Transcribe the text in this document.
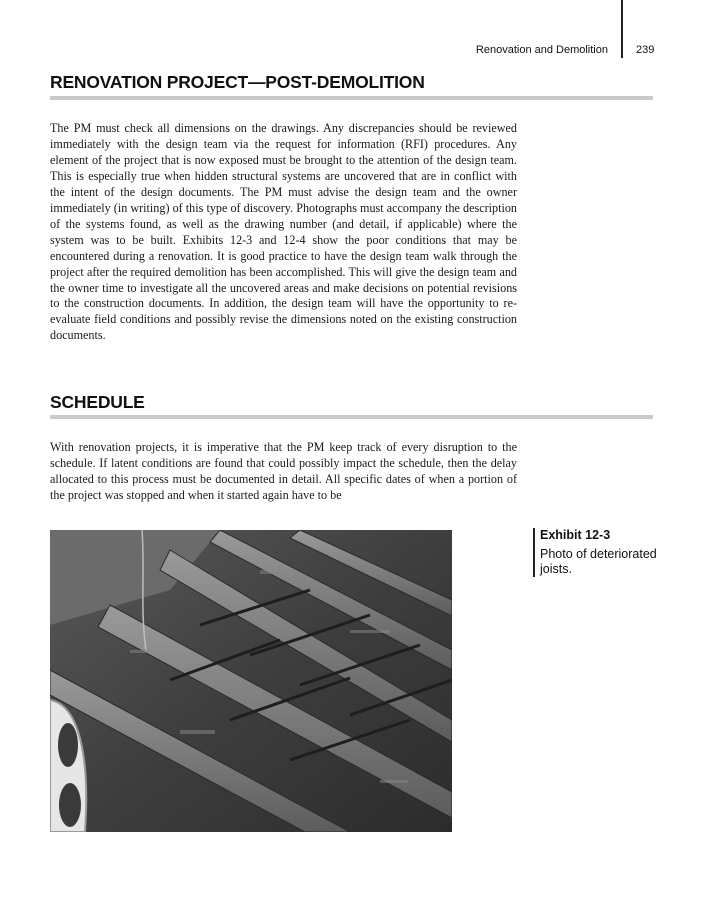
Renovation and Demolition	239
RENOVATION PROJECT—POST-DEMOLITION

The PM must check all dimensions on the drawings. Any discrepancies should be reviewed immediately with the design team via the request for information (RFI) procedures. Any element of the project that is now exposed must be brought to the attention of the design team. This is especially true when hidden structural systems are uncovered that are in conflict with the intent of the design documents. The PM must advise the design team and the owner immediately (in writing) of this type of discovery. Photographs must accompany the description of the systems found, as well as the drawing number (and detail, if applicable) where the system was to be built. Exhibits 12-3 and 12-4 show the poor conditions that may be encountered during a renovation. It is good practice to have the design team walk through the project after the required demolition has been accomplished. This will give the design team and the owner time to investigate all the uncovered areas and make decisions on potential revisions to the construction documents. In addition, the design team will have the opportunity to re-evaluate field conditions and possibly revise the dimensions noted on the existing construction documents.

SCHEDULE

With renovation projects, it is imperative that the PM keep track of every disruption to the schedule. If latent conditions are found that could possibly impact the schedule, then the delay allocated to this process must be documented in detail. All specific dates of when a portion of the project was stopped and when it started again have to be

Exhibit 12-3
Photo of deteriorated joists.
